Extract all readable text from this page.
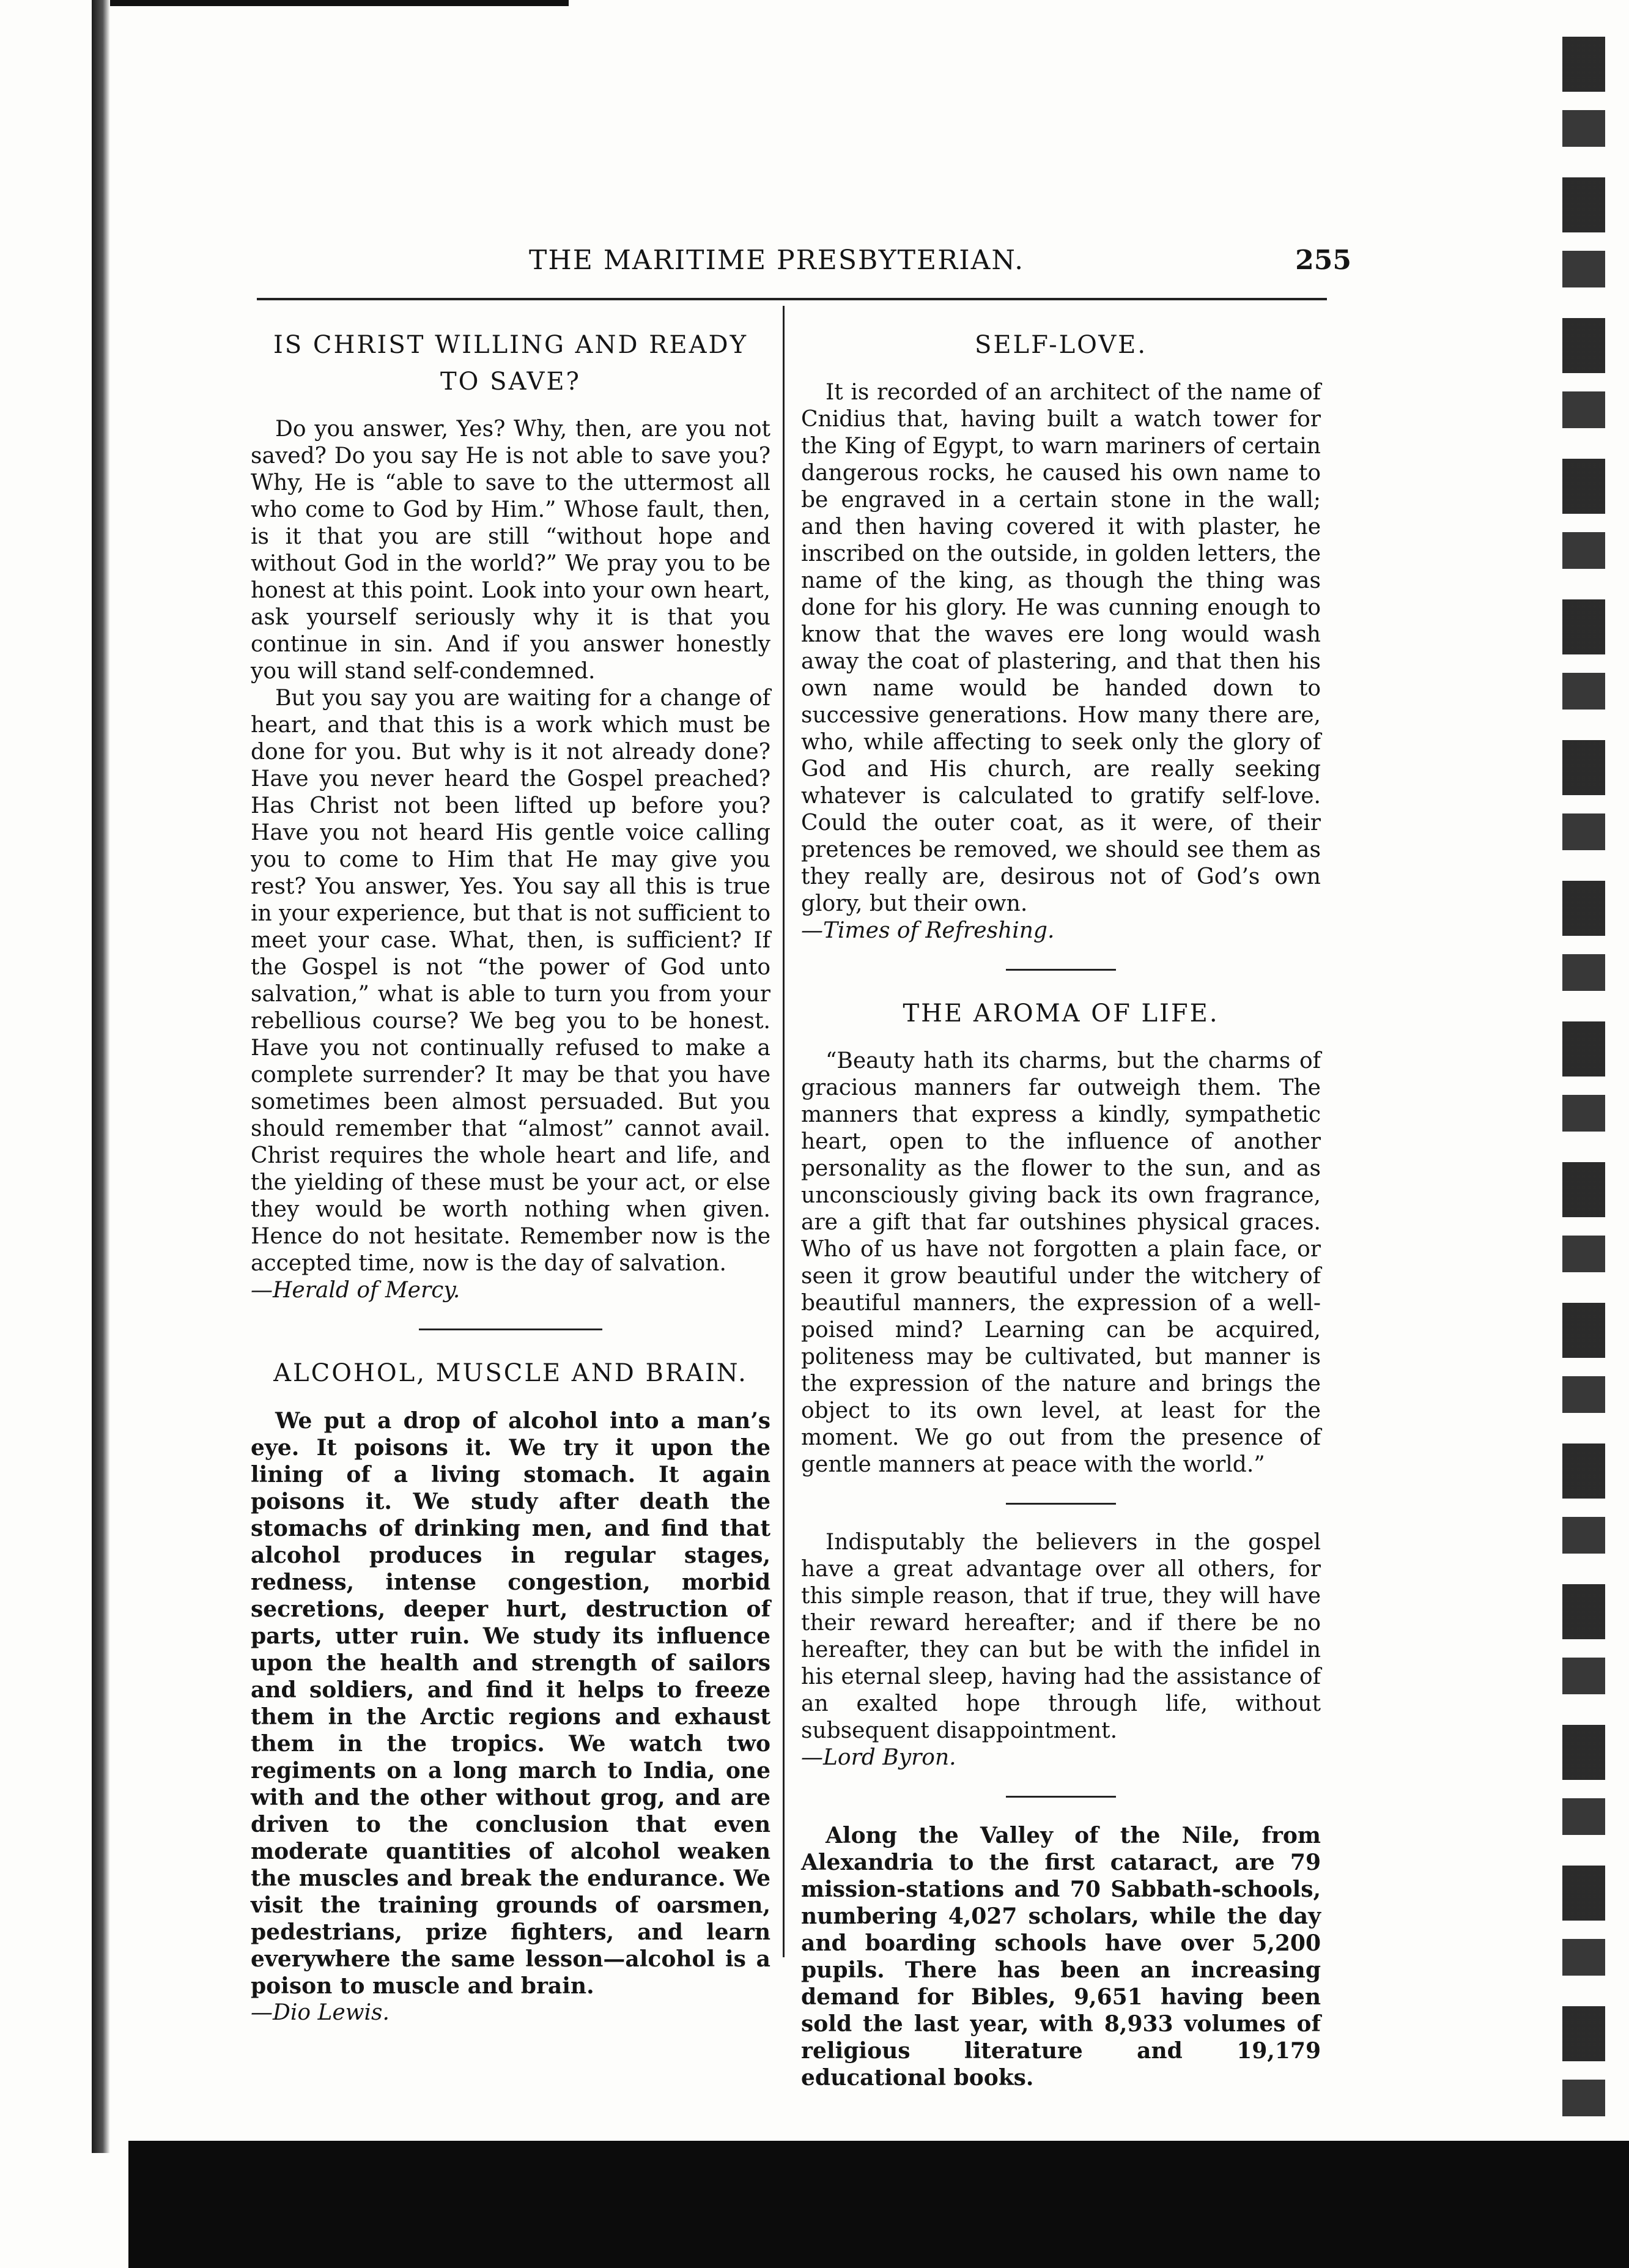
THE MARITIME PRESBYTERIAN.	255
IS CHRIST WILLING AND READY TO SAVE?

Do you answer, Yes? Why, then, are you not saved? Do you say He is not able to save you? Why, He is “able to save to the uttermost all who come to God by Him.” Whose fault, then, is it that you are still “without hope and without God in the world?” We pray you to be honest at this point. Look into your own heart, ask yourself seriously why it is that you continue in sin. And if you answer honestly you will stand self-condemned.

But you say you are waiting for a change of heart, and that this is a work which must be done for you. But why is it not already done? Have you never heard the Gospel preached? Has Christ not been lifted up before you? Have you not heard His gentle voice calling you to come to Him that He may give you rest? You answer, Yes. You say all this is true in your experience, but that is not sufficient to meet your case. What, then, is sufficient? If the Gospel is not “the power of God unto salvation,” what is able to turn you from your rebellious course? We beg you to be honest. Have you not continually refused to make a complete surrender? It may be that you have sometimes been almost persuaded. But you should remember that “almost” cannot avail. Christ requires the whole heart and life, and the yielding of these must be your act, or else they would be worth nothing when given. Hence do not hesitate. Remember now is the accepted time, now is the day of salvation.

—Herald of Mercy.

ALCOHOL, MUSCLE AND BRAIN.

We put a drop of alcohol into a man’s eye. It poisons it. We try it upon the lining of a living stomach. It again poisons it. We study after death the stomachs of drinking men, and find that alcohol produces in regular stages, redness, intense congestion, morbid secretions, deeper hurt, destruction of parts, utter ruin. We study its influence upon the health and strength of sailors and soldiers, and find it helps to freeze them in the Arctic regions and exhaust them in the tropics. We watch two regiments on a long march to India, one with and the other without grog, and are driven to the conclusion that even moderate quantities of alcohol weaken the muscles and break the endurance. We visit the training grounds of oarsmen, pedestrians, prize fighters, and learn everywhere the same lesson—alcohol is a poison to muscle and brain.

—Dio Lewis.

SELF-LOVE.

It is recorded of an architect of the name of Cnidius that, having built a watch tower for the King of Egypt, to warn mariners of certain dangerous rocks, he caused his own name to be engraved in a certain stone in the wall; and then having covered it with plaster, he inscribed on the outside, in golden letters, the name of the king, as though the thing was done for his glory. He was cunning enough to know that the waves ere long would wash away the coat of plastering, and that then his own name would be handed down to successive generations. How many there are, who, while affecting to seek only the glory of God and His church, are really seeking whatever is calculated to gratify self-love. Could the outer coat, as it were, of their pretences be removed, we should see them as they really are, desirous not of God’s own glory, but their own.

—Times of Refreshing.

THE AROMA OF LIFE.

“Beauty hath its charms, but the charms of gracious manners far outweigh them. The manners that express a kindly, sympathetic heart, open to the influence of another personality as the flower to the sun, and as unconsciously giving back its own fragrance, are a gift that far outshines physical graces. Who of us have not forgotten a plain face, or seen it grow beautiful under the witchery of beautiful manners, the expression of a well-poised mind? Learning can be acquired, politeness may be cultivated, but manner is the expression of the nature and brings the object to its own level, at least for the moment. We go out from the presence of gentle manners at peace with the world.”

Indisputably the believers in the gospel have a great advantage over all others, for this simple reason, that if true, they will have their reward hereafter; and if there be no hereafter, they can but be with the infidel in his eternal sleep, having had the assistance of an exalted hope through life, without subsequent disappointment.

—Lord Byron.

Along the Valley of the Nile, from Alexandria to the first cataract, are 79 mission-stations and 70 Sabbath-schools, numbering 4,027 scholars, while the day and boarding schools have over 5,200 pupils. There has been an increasing demand for Bibles, 9,651 having been sold the last year, with 8,933 volumes of religious literature and 19,179 educational books.
